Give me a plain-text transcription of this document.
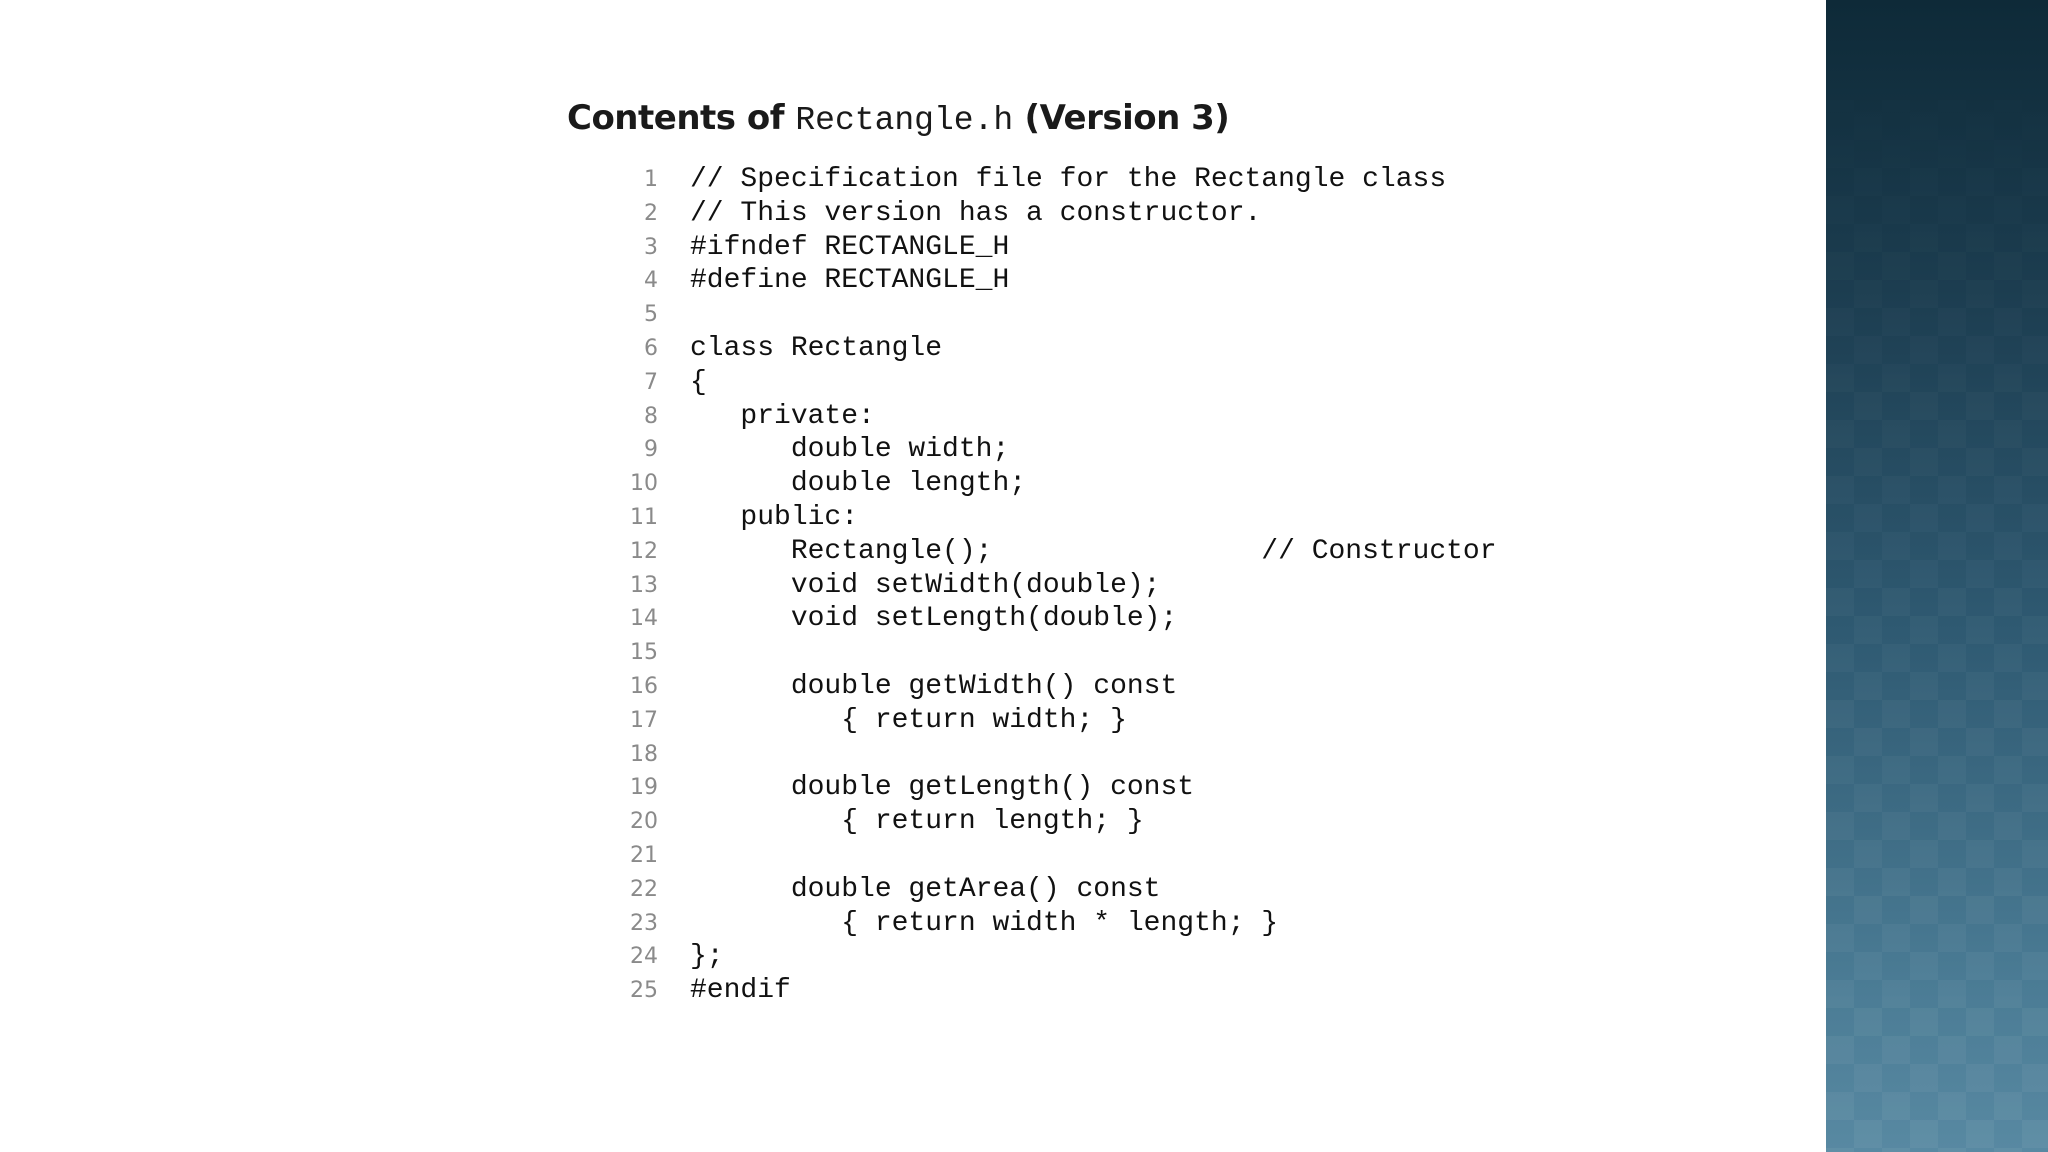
Contents of Rectangle.h (Version 3)
1 // Specification file for the Rectangle class
2 // This version has a constructor.
3 #ifndef RECTANGLE_H
4 #define RECTANGLE_H
5
6 class Rectangle
7 {
8 private:
9 double width;
10 double length;
11 public:
12 Rectangle();                // Constructor
13 void setWidth(double);
14 void setLength(double);
15
16 double getWidth() const
17 { return width; }
18
19 double getLength() const
20 { return length; }
21
22 double getArea() const
23 { return width * length; }
24 };
25 #endif
